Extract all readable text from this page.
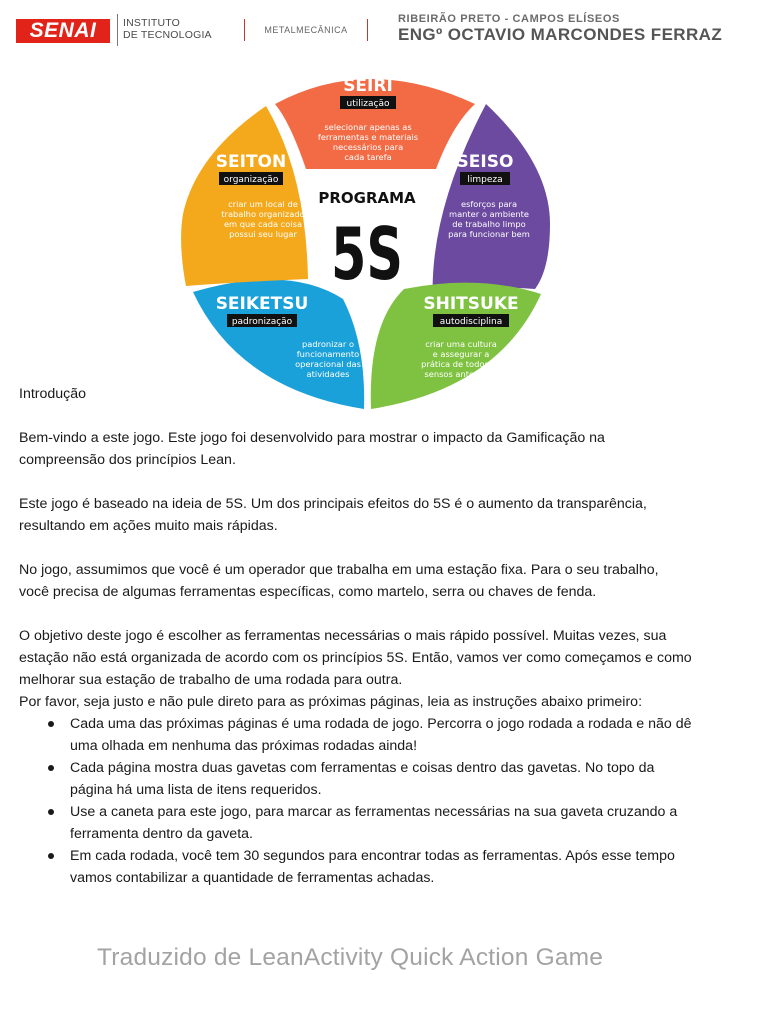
SENAI	INSTITUTO
DE TECNOLOGIA	METALMECÂNICA
RIBEIRÃO PRETO - CAMPOS ELÍSEOS
ENGº OCTAVIO MARCONDES FERRAZ
SEIRI
utilização
selecionar apenas as
ferramentas e materiais
necessários para
cada tarefa	SEISO
limpeza
esforços para
manter o ambiente
de trabalho limpo
para funcionar bem
SHITSUKE
autodisciplina
criar uma cultura
e assegurar a
prática de todos os
sensos anteriores
SEIKETSU
padronização
padronizar o
funcionamento
operacional das
atividades
SEITON
organização
criar um local de
trabalho organizado
em que cada coisa
possui seu lugar
PROGRAMA
5S

Introdução

Bem-vindo a este jogo. Este jogo foi desenvolvido para mostrar o impacto da Gamificação na
compreensão dos princípios Lean.

Este jogo é baseado na ideia de 5S. Um dos principais efeitos do 5S é o aumento da transparência,
resultando em ações muito mais rápidas.

No jogo, assumimos que você é um operador que trabalha em uma estação fixa. Para o seu trabalho,
você precisa de algumas ferramentas específicas, como martelo, serra ou chaves de fenda.

O objetivo deste jogo é escolher as ferramentas necessárias o mais rápido possível. Muitas vezes, sua
estação não está organizada de acordo com os princípios 5S. Então, vamos ver como começamos e como
melhorar sua estação de trabalho de uma rodada para outra.

Por favor, seja justo e não pule direto para as próximas páginas, leia as instruções abaixo primeiro:

Cada uma das próximas páginas é uma rodada de jogo. Percorra o jogo rodada a rodada e não dê
uma olhada em nenhuma das próximas rodadas ainda!
Cada página mostra duas gavetas com ferramentas e coisas dentro das gavetas. No topo da
página há uma lista de itens requeridos.
Use a caneta para este jogo, para marcar as ferramentas necessárias na sua gaveta cruzando a
ferramenta dentro da gaveta.
Em cada rodada, você tem 30 segundos para encontrar todas as ferramentas. Após esse tempo
vamos contabilizar a quantidade de ferramentas achadas.
Traduzido de LeanActivity Quick Action Game
